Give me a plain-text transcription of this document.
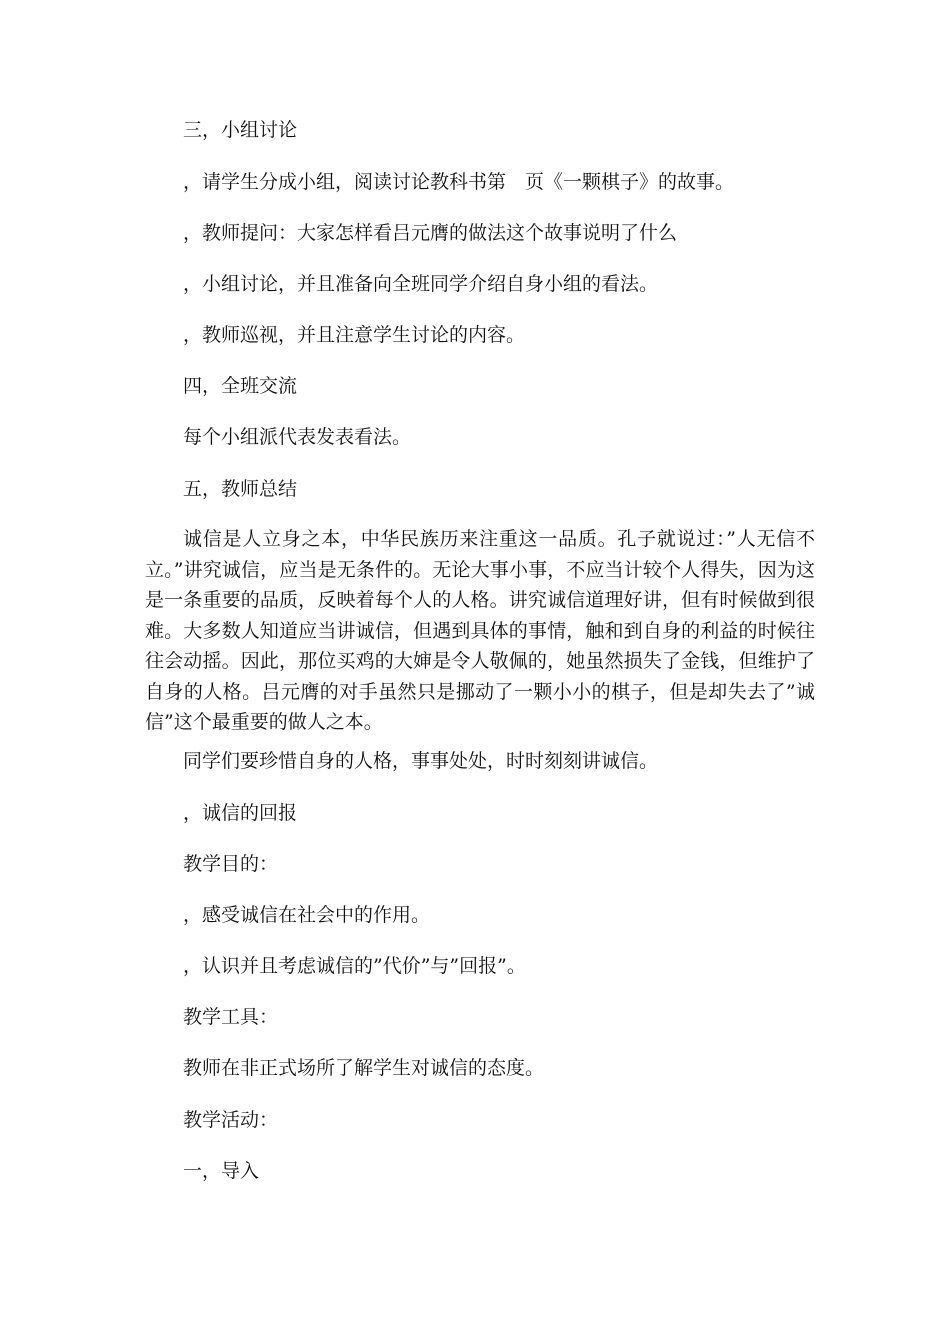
三，小组讨论
，请学生分成小组，阅读讨论教科书第　页《一颗棋子》的故事。
，教师提问：大家怎样看吕元膺的做法这个故事说明了什么
，小组讨论，并且准备向全班同学介绍自身小组的看法。
，教师巡视，并且注意学生讨论的内容。
四，全班交流
每个小组派代表发表看法。
五，教师总结
诚信是人立身之本，中华民族历来注重这一品质。孔子就说过：”人无信不立。”讲究诚信，应当是无条件的。无论大事小事，不应当计较个人得失，因为这是一条重要的品质，反映着每个人的人格。讲究诚信道理好讲，但有时候做到很难。大多数人知道应当讲诚信，但遇到具体的事情，触和到自身的利益的时候往往会动摇。因此，那位买鸡的大婶是令人敬佩的，她虽然损失了金钱，但维护了自身的人格。吕元膺的对手虽然只是挪动了一颗小小的棋子，但是却失去了”诚信”这个最重要的做人之本。
同学们要珍惜自身的人格，事事处处，时时刻刻讲诚信。
，诚信的回报
教学目的：
，感受诚信在社会中的作用。
，认识并且考虑诚信的”代价”与”回报”。
教学工具：
教师在非正式场所了解学生对诚信的态度。
教学活动：
一，导入
